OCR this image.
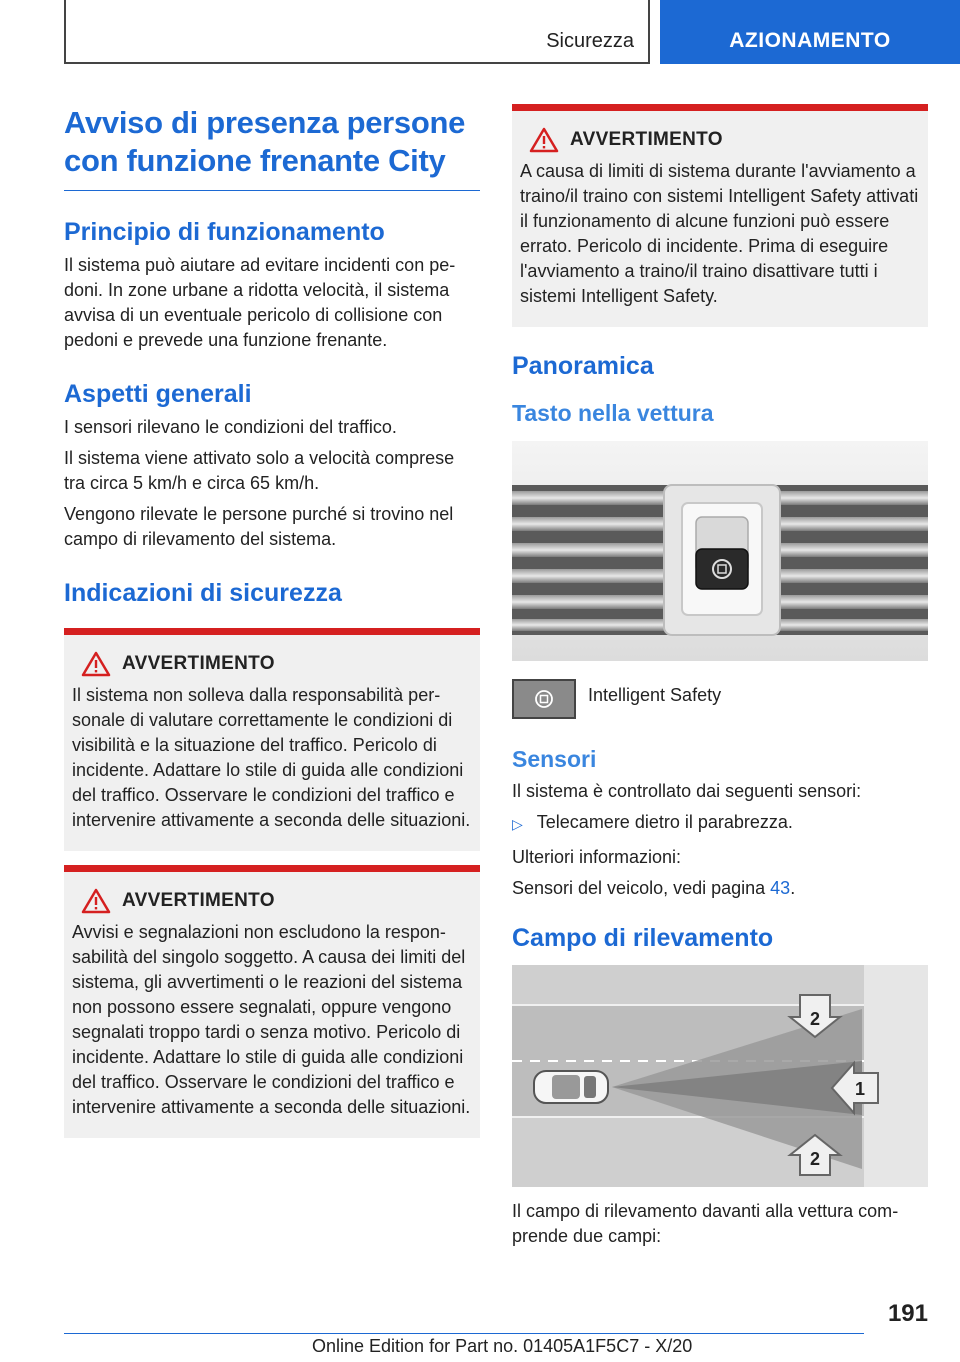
Sicurezza	AZIONAMENTO
Avviso di presenza persone con funzione frenante City
Principio di funzionamento

Il sistema può aiutare ad evitare incidenti con pedoni. In zone urbane a ridotta velocità, il sistema avvisa di un eventuale pericolo di collisione con pedoni e prevede una funzione frenante.

Aspetti generali

I sensori rilevano le condizioni del traffico.

Il sistema viene attivato solo a velocità comprese tra circa 5 km/h e circa 65 km/h.

Vengono rilevate le persone purché si trovino nel campo di rilevamento del sistema.

Indicazioni di sicurezza
AVVERTIMENTO

Il sistema non solleva dalla responsabilità personale di valutare correttamente le condizioni di visibilità e la situazione del traffico. Pericolo di incidente. Adattare lo stile di guida alle condizioni del traffico. Osservare le condizioni del traffico e intervenire attivamente a seconda delle situazioni.

AVVERTIMENTO

Avvisi e segnalazioni non escludono la responsabilità del singolo soggetto. A causa dei limiti del sistema, gli avvertimenti o le reazioni del sistema non possono essere segnalati, oppure vengono segnalati troppo tardi o senza motivo. Pericolo di incidente. Adattare lo stile di guida alle condizioni del traffico. Osservare le condizioni del traffico e intervenire attivamente a seconda delle situazioni.

AVVERTIMENTO

A causa di limiti di sistema durante l'avviamento a traino/il traino con sistemi Intelligent Safety attivati il funzionamento di alcune funzioni può essere errato. Pericolo di incidente. Prima di eseguire l'avviamento a traino/il traino disattivare tutti i sistemi Intelligent Safety.

Panoramica
Tasto nella vettura
Intelligent Safety
Sensori

Il sistema è controllato dai seguenti sensori:

▷ Telecamere dietro il parabrezza.

Ulteriori informazioni:

Sensori del veicolo, vedi pagina 43.

Campo di rilevamento
2
1
2

Il campo di rilevamento davanti alla vettura comprende due campi:

191
Online Edition for Part no. 01405A1F5C7 - X/20
